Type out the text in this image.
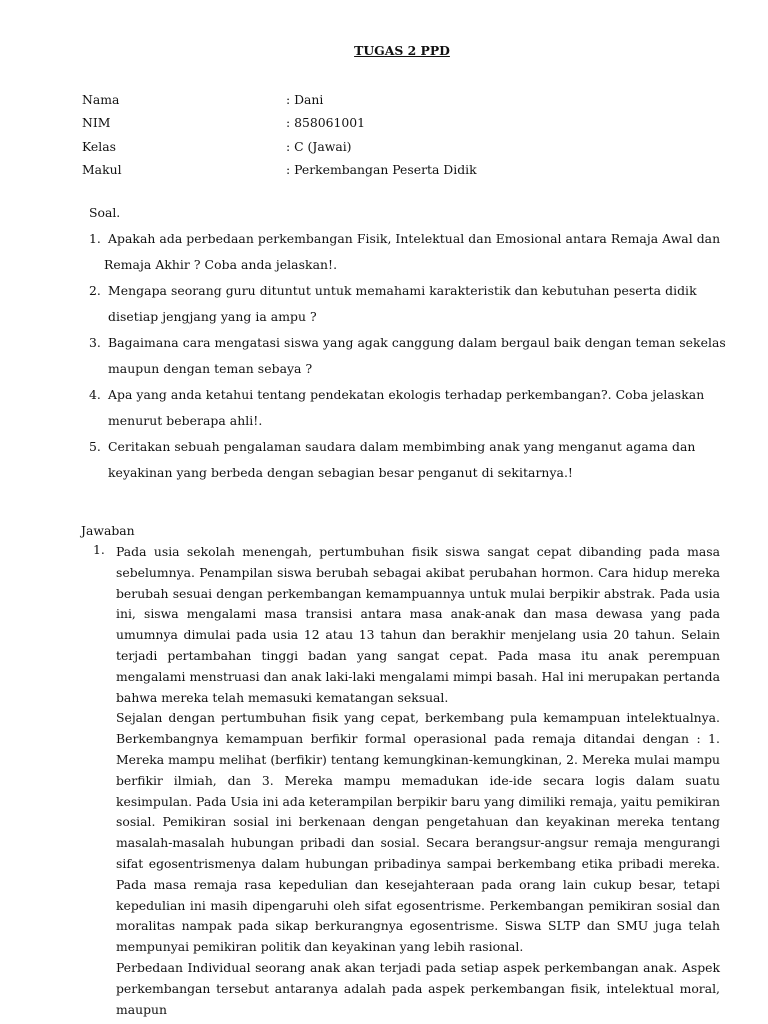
TUGAS 2 PPD
Nama	: Dani
NIM	: 858061001
Kelas	: C (Jawai)
Makul	: Perkembangan Peserta Didik
Soal.
1. Apakah ada perbedaan perkembangan Fisik, Intelektual dan Emosional antara Remaja Awal dan
Remaja Akhir ? Coba anda jelaskan!.
2. Mengapa seorang guru dituntut untuk memahami karakteristik dan kebutuhan peserta didik
disetiap jengjang yang ia ampu ?
3. Bagaimana cara mengatasi siswa yang agak canggung dalam bergaul baik dengan teman sekelas
maupun dengan teman sebaya ?
4. Apa yang anda ketahui tentang pendekatan ekologis terhadap perkembangan?. Coba jelaskan
menurut beberapa ahli!.
5. Ceritakan sebuah pengalaman saudara dalam membimbing anak yang menganut agama dan
keyakinan yang berbeda dengan sebagian besar penganut di sekitarnya.!
Jawaban
1. Pada usia sekolah menengah, pertumbuhan fisik siswa sangat cepat dibanding pada masa sebelumnya. Penampilan siswa berubah sebagai akibat perubahan hormon. Cara hidup mereka berubah sesuai dengan perkembangan kemampuannya untuk mulai berpikir abstrak. Pada usia ini, siswa mengalami masa transisi antara masa anak-anak dan masa dewasa yang pada umumnya dimulai pada usia 12 atau 13 tahun dan berakhir menjelang usia 20 tahun. Selain terjadi pertambahan tinggi badan yang sangat cepat. Pada masa itu anak perempuan mengalami menstruasi dan anak laki-laki mengalami mimpi basah. Hal ini merupakan pertanda bahwa mereka telah memasuki kematangan seksual.

Sejalan dengan pertumbuhan fisik yang cepat, berkembang pula kemampuan intelektualnya. Berkembangnya kemampuan berfikir formal operasional pada remaja ditandai dengan : 1. Mereka mampu melihat (berfikir) tentang kemungkinan-kemungkinan, 2. Mereka mulai mampu berfikir ilmiah, dan 3. Mereka mampu memadukan ide-ide secara logis dalam suatu kesimpulan. Pada Usia ini ada keterampilan berpikir baru yang dimiliki remaja, yaitu pemikiran sosial. Pemikiran sosial ini berkenaan dengan pengetahuan dan keyakinan mereka tentang masalah-masalah hubungan pribadi dan sosial. Secara berangsur-angsur remaja mengurangi sifat egosentrismenya dalam hubungan pribadinya sampai berkembang etika pribadi mereka. Pada masa remaja rasa kepedulian dan kesejahteraan pada orang lain cukup besar, tetapi kepedulian ini masih dipengaruhi oleh sifat egosentrisme. Perkembangan pemikiran sosial dan moralitas nampak pada sikap berkurangnya egosentrisme. Siswa SLTP dan SMU juga telah mempunyai pemikiran politik dan keyakinan yang lebih rasional.

Perbedaan Individual seorang anak akan terjadi pada setiap aspek perkembangan anak. Aspek perkembangan tersebut antaranya adalah pada aspek perkembangan fisik, intelektual moral, maupun
